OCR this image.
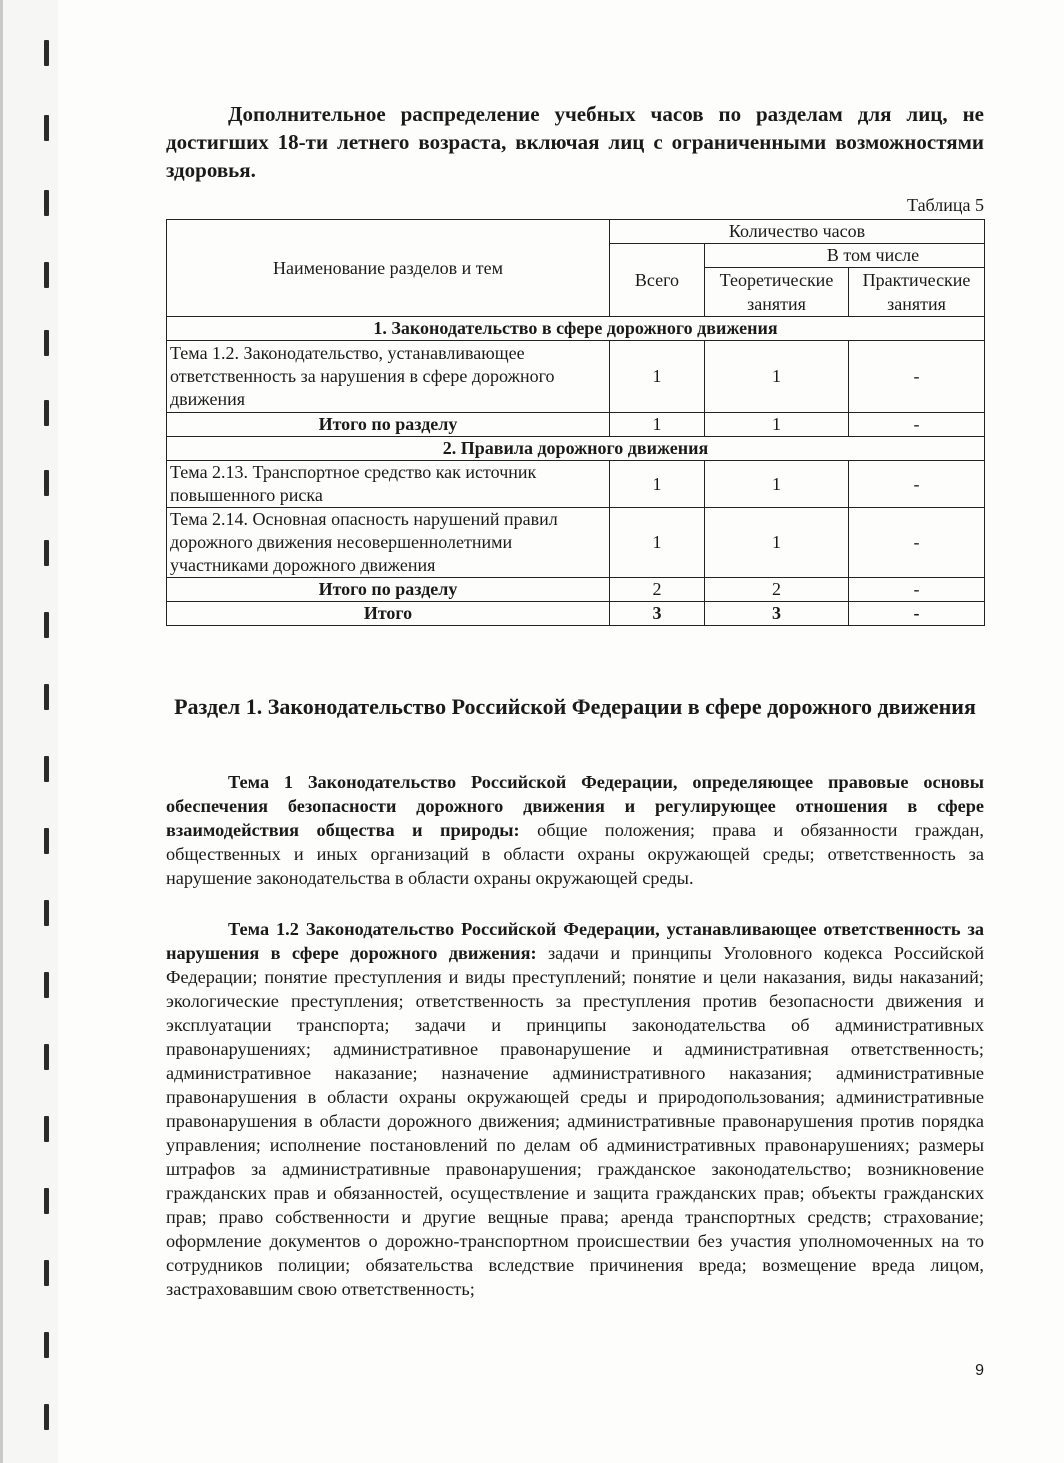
Дополнительное распределение учебных часов по разделам для лиц, не достигших 18-ти летнего возраста, включая лиц с ограниченными возможностями здоровья.

Таблица 5
Наименование разделов и тем	Количество часов			
	Всего	В том числе		
		Теоретические занятия	Практические занятия	

1. Законодательство в сфере дорожного движения				
Тема 1.2. Законодательство, устанавливающее ответственность за нарушения в сфере дорожного движения	1	1	-	
Итого по разделу	1	1	-	
2. Правила дорожного движения				
Тема 2.13. Транспортное средство как источник повышенного риска	1	1	-	
Тема 2.14. Основная опасность нарушений правил дорожного движения несовершеннолетними участниками дорожного движения	1	1	-	
Итого по разделу	2	2	-	
Итого	3	3	-	
Раздел 1. Законодательство Российской Федерации в сфере дорожного движения

Тема 1 Законодательство Российской Федерации, определяющее правовые основы обеспечения безопасности дорожного движения и регулирующее отношения в сфере взаимодействия общества и природы: общие положения; права и обязанности граждан, общественных и иных организаций в области охраны окружающей среды; ответственность за нарушение законодательства в области охраны окружающей среды.

Тема 1.2 Законодательство Российской Федерации, устанавливающее ответственность за нарушения в сфере дорожного движения: задачи и принципы Уголовного кодекса Российской Федерации; понятие преступления и виды преступлений; понятие и цели наказания, виды наказаний; экологические преступления; ответственность за преступления против безопасности движения и эксплуатации транспорта; задачи и принципы законодательства об административных правонарушениях; административное правонарушение и административная ответственность; административное наказание; назначение административного наказания; административные правонарушения в области охраны окружающей среды и природопользования; административные правонарушения в области дорожного движения; административные правонарушения против порядка управления; исполнение постановлений по делам об административных правонарушениях; размеры штрафов за административные правонарушения; гражданское законодательство; возникновение гражданских прав и обязанностей, осуществление и защита гражданских прав; объекты гражданских прав; право собственности и другие вещные права; аренда транспортных средств; страхование; оформление документов о дорожно-транспортном происшествии без участия уполномоченных на то сотрудников полиции; обязательства вследствие причинения вреда; возмещение вреда лицом, застраховавшим свою ответственность;

9
